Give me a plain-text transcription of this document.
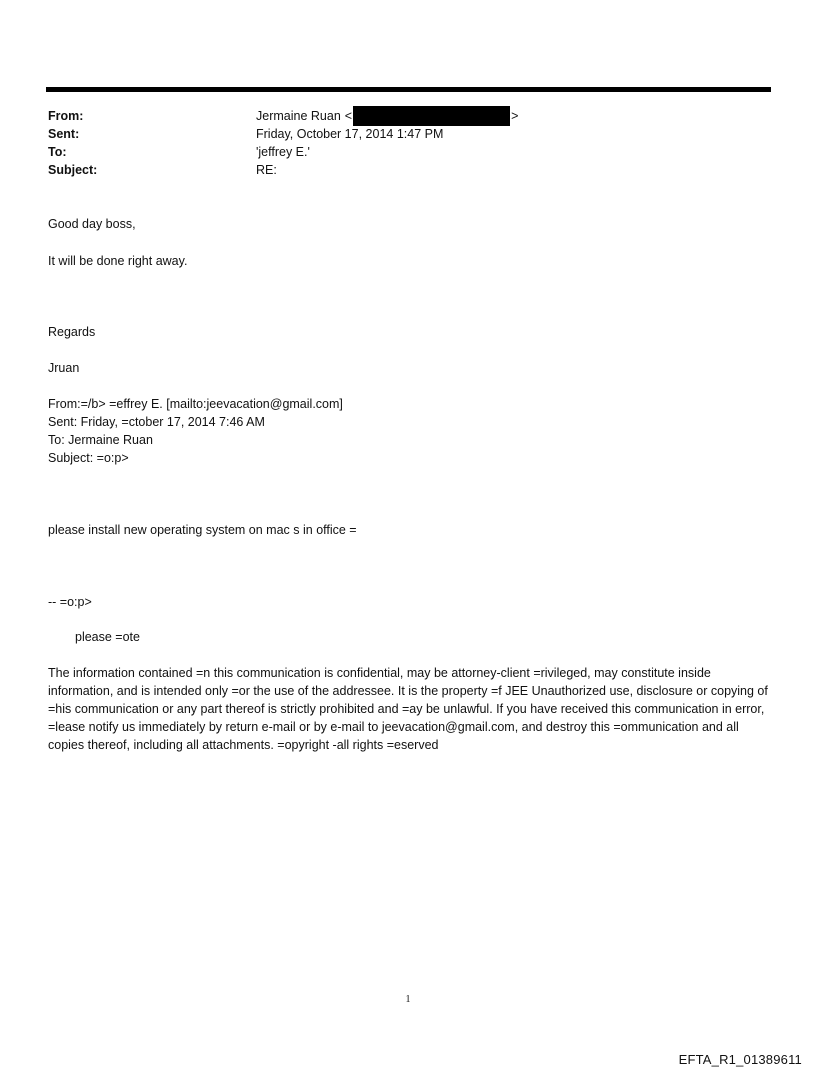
From:	Jermaine Ruan <	>
Sent:	Friday, October 17, 2014 1:47 PM
To:	'jeffrey E.'
Subject:	RE:
Good day boss,
It will be done right away.
Regards
Jruan
From:=/b> =effrey E. [mailto:jeevacation@gmail.com]
Sent: Friday, =ctober 17, 2014 7:46 AM
To: Jermaine Ruan
Subject: =o:p>
please install new operating system on mac s in office =
-- =o:p>
please =ote
The information contained =n this communication is confidential, may be attorney-client =rivileged, may constitute inside information, and is intended only =or the use of the addressee. It is the property =f JEE Unauthorized use, disclosure or copying of =his communication or any part thereof is strictly prohibited and =ay be unlawful. If you have received this communication in error, =lease notify us immediately by return e-mail or by e-mail to jeevacation@gmail.com, and destroy this =ommunication and all copies thereof, including all attachments. =opyright -all rights =eserved
1
EFTA_R1_01389611
